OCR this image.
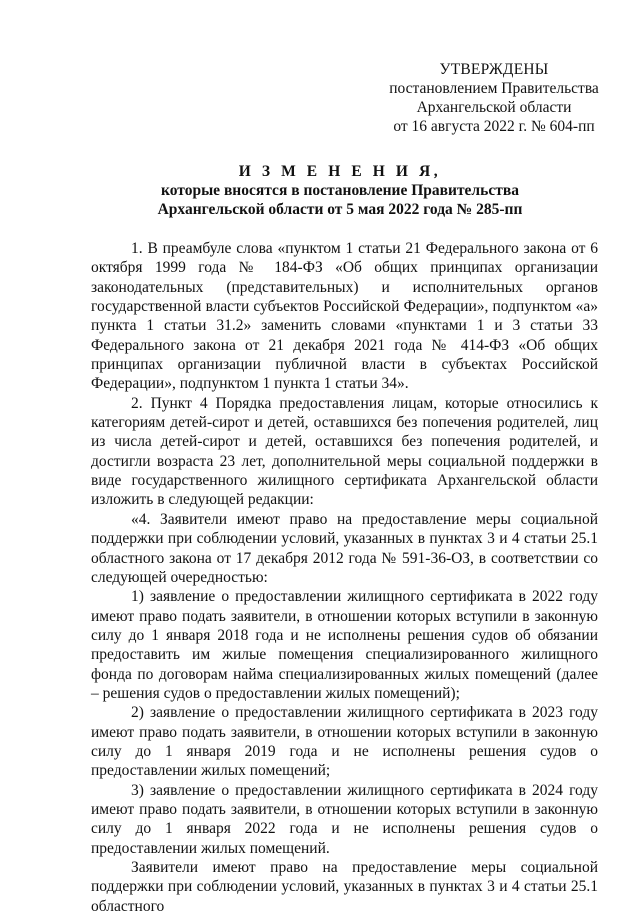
УТВЕРЖДЕНЫ
постановлением Правительства
Архангельской области
от 16 августа 2022 г. № 604-пп
И З М Е Н Е Н И Я,
которые вносятся в постановление Правительства
Архангельской области от 5 мая 2022 года № 285-пп

1. В преамбуле слова «пунктом 1 статьи 21 Федерального закона от 6 октября 1999 года № 184-ФЗ «Об общих принципах организации законодательных (представительных) и исполнительных органов государственной власти субъектов Российской Федерации», подпунктом «а» пункта 1 статьи 31.2» заменить словами «пунктами 1 и 3 статьи 33 Федерального закона от 21 декабря 2021 года № 414-ФЗ «Об общих принципах организации публичной власти в субъектах Российской Федерации», подпунктом 1 пункта 1 статьи 34».

2. Пункт 4 Порядка предоставления лицам, которые относились к категориям детей-сирот и детей, оставшихся без попечения родителей, лиц из числа детей-сирот и детей, оставшихся без попечения родителей, и достигли возраста 23 лет, дополнительной меры социальной поддержки в виде государственного жилищного сертификата Архангельской области изложить в следующей редакции:

«4. Заявители имеют право на предоставление меры социальной поддержки при соблюдении условий, указанных в пунктах 3 и 4 статьи 25.1 областного закона от 17 декабря 2012 года № 591-36-ОЗ, в соответствии со следующей очередностью:

1) заявление о предоставлении жилищного сертификата в 2022 году имеют право подать заявители, в отношении которых вступили в законную силу до 1 января 2018 года и не исполнены решения судов об обязании предоставить им жилые помещения специализированного жилищного фонда по договорам найма специализированных жилых помещений (далее – решения судов о предоставлении жилых помещений);

2) заявление о предоставлении жилищного сертификата в 2023 году имеют право подать заявители, в отношении которых вступили в законную силу до 1 января 2019 года и не исполнены решения судов о предоставлении жилых помещений;

3) заявление о предоставлении жилищного сертификата в 2024 году имеют право подать заявители, в отношении которых вступили в законную силу до 1 января 2022 года и не исполнены решения судов о предоставлении жилых помещений.

Заявители имеют право на предоставление меры социальной поддержки при соблюдении условий, указанных в пунктах 3 и 4 статьи 25.1 областного
